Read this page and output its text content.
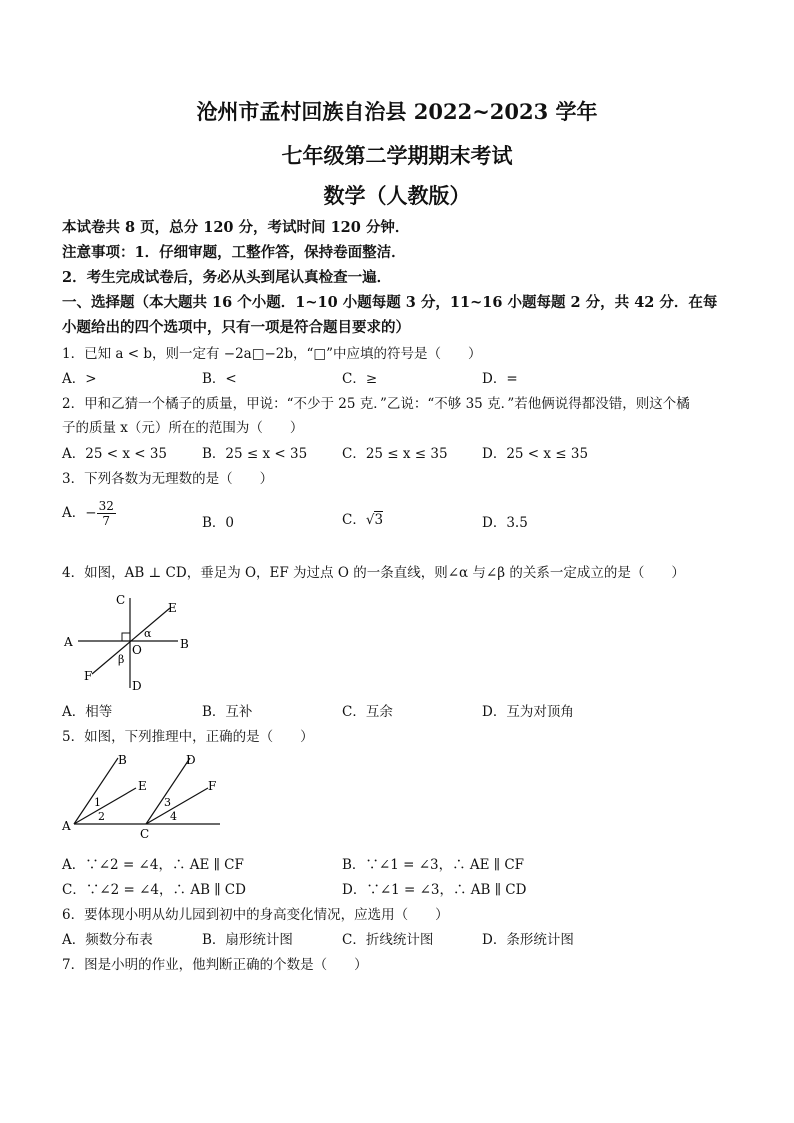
沧州市孟村回族自治县 2022~2023 学年
七年级第二学期期末考试
数学（人教版）
本试卷共 8 页，总分 120 分，考试时间 120 分钟．
注意事项：1．仔细审题，工整作答，保持卷面整洁．
2．考生完成试卷后，务必从头到尾认真检查一遍．
一、选择题（本大题共 16 个小题．1~10 小题每题 3 分，11~16 小题每题 2 分，共 42 分．在每
小题给出的四个选项中，只有一项是符合题目要求的）
1．已知 a < b，则一定有 −2a□−2b，“□”中应填的符号是（　　）
A．>	B．<	C．≥	D．=
2．甲和乙猜一个橘子的质量，甲说：“不少于 25 克．”乙说：“不够 35 克．”若他俩说得都没错，则这个橘
子的质量 x（元）所在的范围为（　　）
A．25 < x < 35	B．25 ≤ x < 35	C．25 ≤ x ≤ 35	D．25 < x ≤ 35
3．下列各数为无理数的是（　　）
A．− $\frac{32}{7}$	B．0	C．√3	D．3.5
4．如图，AB ⊥ CD，垂足为 O，EF 为过点 O 的一条直线，则∠α 与∠β 的关系一定成立的是（　　）
C
E
A	B
O
F
D
α
β
A．相等	B．互补	C．互余	D．互为对顶角
5．如图，下列推理中，正确的是（　　）
B
E
A
1
2
D
F
C
3
4
A．∵∠2 = ∠4，∴ AE ∥ CF	B．∵∠1 = ∠3，∴ AE ∥ CF
C．∵∠2 = ∠4，∴ AB ∥ CD	D．∵∠1 = ∠3，∴ AB ∥ CD
6．要体现小明从幼儿园到初中的身高变化情况，应选用（　　）
A．频数分布表	B．扇形统计图	C．折线统计图	D．条形统计图
7．图是小明的作业，他判断正确的个数是（　　）
